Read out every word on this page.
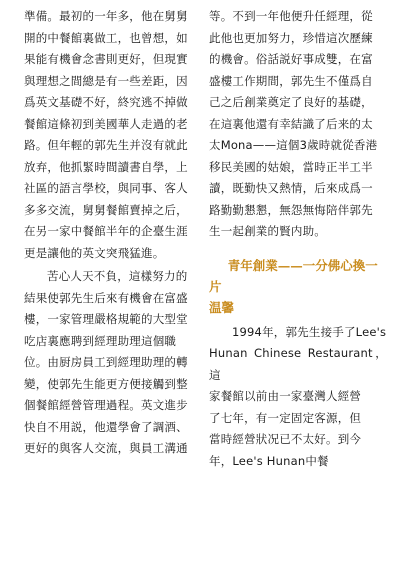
準備。最初的一年多，他在舅舅
開的中餐館裏做工，也曾想，如
果能有機會念書則更好，但現實
與理想之間總是有一些差距，因
爲英文基礎不好，終究逃不掉做
餐館這條初到美國華人走過的老
路。但年輕的郭先生并沒有就此
放弃，他抓緊時間讀書自學，上
社區的語言學校，與同事、客人
多多交流，舅舅餐館賣掉之后，
在另一家中餐館半年的企臺生涯
更是讓他的英文突飛猛進。

苦心人天不負，這樣努力的
結果使郭先生后來有機會在富盛
樓，一家管理嚴格規範的大型堂
吃店裏應聘到經理助理這個職
位。由厨房員工到經理助理的轉
變，使郭先生能更方便接觸到整
個餐館經營管理過程。英文進步
快自不用説，他還學會了調酒、
更好的與客人交流，與員工溝通

等。不到一年他便升任經理，從
此他也更加努力，珍惜這次歷練
的機會。俗話説好事成雙，在富
盛樓工作期間，郭先生不僅爲自
己之后創業奠定了良好的基礎，
在這裏他還有幸結識了后来的太
太Mona——這個3歲時就從香港
移民美國的姑娘，當時正半工半
讀，既勤快又熱情，后來成爲一
路勤勤懇懇，無怨無悔陪伴郭先
生一起創業的賢内助。

青年創業——一分佛心換一片
温馨

1994年，郭先生接手了Lee's
Hunan Chinese Restaurant，這
家餐館以前由一家臺灣人經營
了七年，有一定固定客源，但
當時經營狀况已不太好。到今
年，Lee's Hunan中餐
